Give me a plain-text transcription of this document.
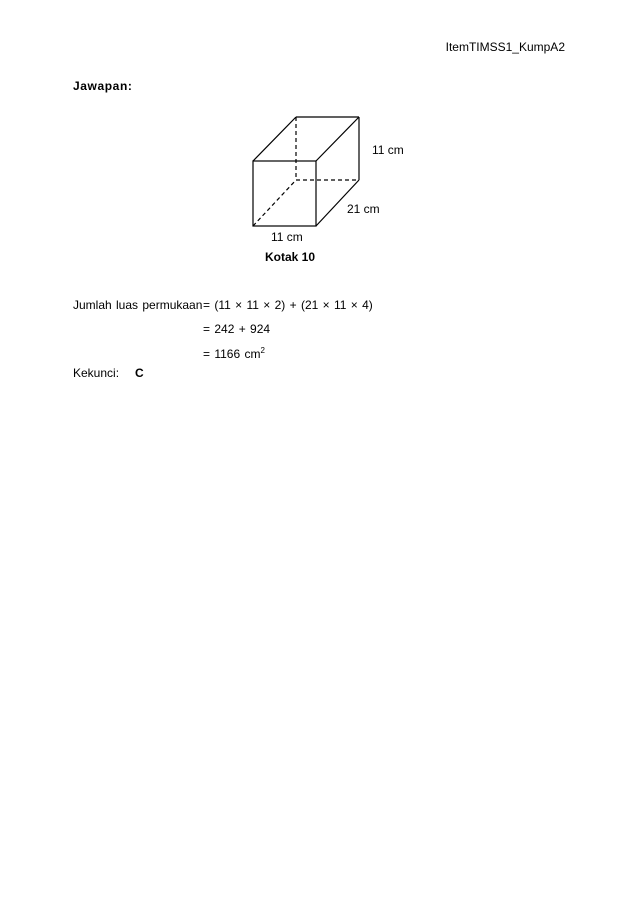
ItemTIMSS1_KumpA2
Jawapan:
11 cm
21 cm
11 cm
Kotak 10
Jumlah luas permukaan = (11 × 11 × 2) + (21 × 11 × 4)
= 242 + 924
= 1166 $cm^2$
Kekunci: C
